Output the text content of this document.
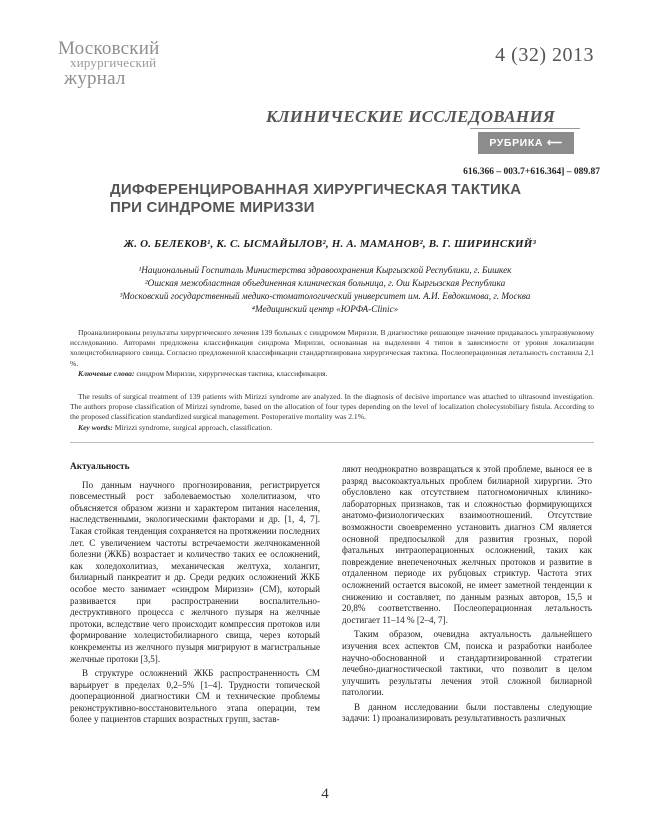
Московский
хирургический
журнал
4 (32) 2013
КЛИНИЧЕСКИЕ ИССЛЕДОВАНИЯ
РУБРИКА ⟵
616.366 – 003.7+616.364] – 089.87
ДИФФЕРЕНЦИРОВАННАЯ ХИРУРГИЧЕСКАЯ ТАКТИКА
ПРИ СИНДРОМЕ МИРИЗЗИ
Ж. О. БЕЛЕКОВ¹, К. С. ЫСМАЙЫЛОВ², Н. А. МАМАНОВ², В. Г. ШИРИНСКИЙ³
¹Национальный Госпиталь Министерства здравоохранения Кыргызской Республики, г. Бишкек
²Ошская межобластная объединенная клиническая больница, г. Ош Кыргызская Республика
³Московский государственный медико-стоматологический университет им. А.И. Евдокимова, г. Москва
⁴Медицинский центр «ЮРФА-Clinic»

Проанализированы результаты хирургического лечения 139 больных с синдромом Мириззи. В диагностике решающее значение придавалось ультразвуковому исследованию. Авторами предложена классификация синдрома Мириззи, основанная на выделении 4 типов в зависимости от уровня локализации холецистобилиарного свища. Согласно предложенной классификации стандартизирована хирургическая тактика. Послеоперационная летальность составила 2,1 %.

Ключевые слова: синдром Мириззи, хирургическая тактика, классификация.

The results of surgical treatment of 139 patients with Mirizzi syndrome are analyzed. In the diagnosis of decisive importance was attached to ultrasound investigation. The authors propose classification of Mirizzi syndrome, based on the allocation of four types depending on the level of localization cholecystobiliary fistula. According to the proposed classification standardized surgical management. Postoperative mortality was 2.1%.

Key words: Mirizzi syndrome, surgical approach, classification.

Актуальность

По данным научного прогнозирования, регистрируется повсеместный рост заболеваемостью холелитиазом, что объясняется образом жизни и характером питания населения, наследственными, экологическими факторами и др. [1, 4, 7]. Такая стойкая тенденция сохраняется на протяжении последних лет. С увеличением частоты встречаемости желчнокаменной болезни (ЖКБ) возрастает и количество таких ее осложнений, как холедохолитиаз, механическая желтуха, холангит, билиарный панкреатит и др. Среди редких осложнений ЖКБ особое место занимает «синдром Мириззи» (СМ), который развивается при распространении воспалительно-деструктивного процесса с желчного пузыря на желчные протоки, вследствие чего происходит компрессия протоков или формирование холецистобилиарного свища, через который конкременты из желчного пузыря мигрируют в магистральные желчные протоки [3,5].

В структуре осложнений ЖКБ распространенность СМ варьирует в пределах 0,2–5% [1–4]. Трудности топической дооперационной диагностики СМ и технические проблемы реконструктивно-восстановительного этапа операции, тем более у пациентов старших возрастных групп, застав-

ляют неоднократно возвращаться к этой проблеме, вынося ее в разряд высокоактуальных проблем билиарной хирургии. Это обусловлено как отсутствием патогномоничных клинико-лабораторных признаков, так и сложностью формирующихся анатомо-физиологических взаимоотношений. Отсутствие возможности своевременно установить диагноз СМ является основной предпосылкой для развития грозных, порой фатальных интраоперационных осложнений, таких как повреждение внепеченочных желчных протоков и развитие в отдаленном периоде их рубцовых стриктур. Частота этих осложнений остается высокой, не имеет заметной тенденции к снижению и составляет, по данным разных авторов, 15,5 и 20,8% соответственно. Послеоперационная летальность достигает 11–14 % [2–4, 7].

Таким образом, очевидна актуальность дальнейшего изучения всех аспектов СМ, поиска и разработки наиболее научно-обоснованной и стандартизированной стратегии лечебно-диагностической тактики, что позволит в целом улучшить результаты лечения этой сложной билиарной патологии.

В данном исследовании были поставлены следующие задачи: 1) проанализировать результативность различных

4
